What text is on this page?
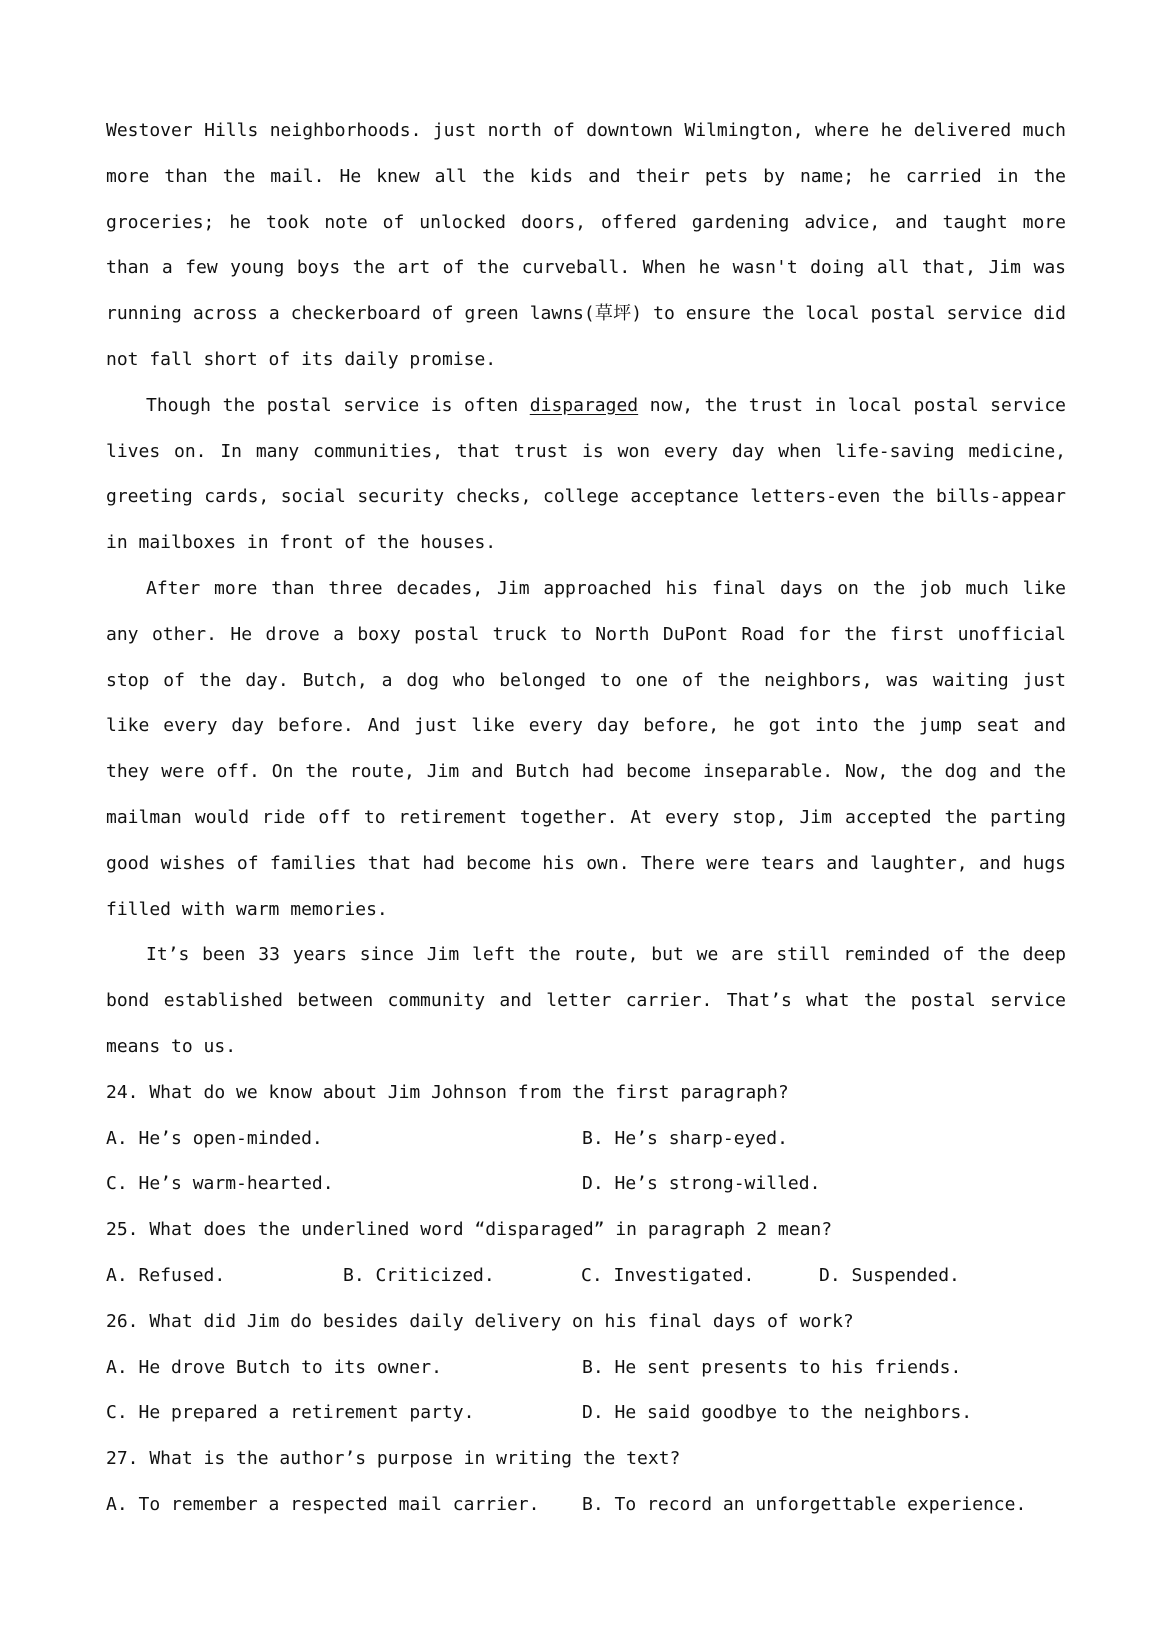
Westover Hills neighborhoods. just north of downtown Wilmington, where he delivered much more than the mail. He knew all the kids and their pets by name; he carried in the groceries; he took note of unlocked doors, offered gardening advice, and taught more than a few young boys the art of the curveball. When he wasn't doing all that, Jim was running across a checkerboard of green lawns(草坪) to ensure the local postal service did not fall short of its daily promise.

Though the postal service is often disparaged now, the trust in local postal service lives on. In many communities, that trust is won every day when life-saving medicine, greeting cards, social security checks, college acceptance letters-even the bills-appear in mailboxes in front of the houses.

After more than three decades, Jim approached his final days on the job much like any other. He drove a boxy postal truck to North DuPont Road for the first unofficial stop of the day. Butch, a dog who belonged to one of the neighbors, was waiting just like every day before. And just like every day before, he got into the jump seat and they were off. On the route, Jim and Butch had become inseparable. Now, the dog and the mailman would ride off to retirement together. At every stop, Jim accepted the parting good wishes of families that had become his own. There were tears and laughter, and hugs filled with warm memories.

It’s been 33 years since Jim left the route, but we are still reminded of the deep bond established between community and letter carrier. That’s what the postal service means to us.

24. What do we know about Jim Johnson from the first paragraph?
A. He’s open-minded.	B. He’s sharp-eyed.
C. He’s warm-hearted.	D. He’s strong-willed.
25. What does the underlined word “disparaged” in paragraph 2 mean?
A. Refused.	B. Criticized.	C. Investigated.	D. Suspended.
26. What did Jim do besides daily delivery on his final days of work?
A. He drove Butch to its owner.	B. He sent presents to his friends.
C. He prepared a retirement party.	D. He said goodbye to the neighbors.
27. What is the author’s purpose in writing the text?
A. To remember a respected mail carrier.	B. To record an unforgettable experience.
